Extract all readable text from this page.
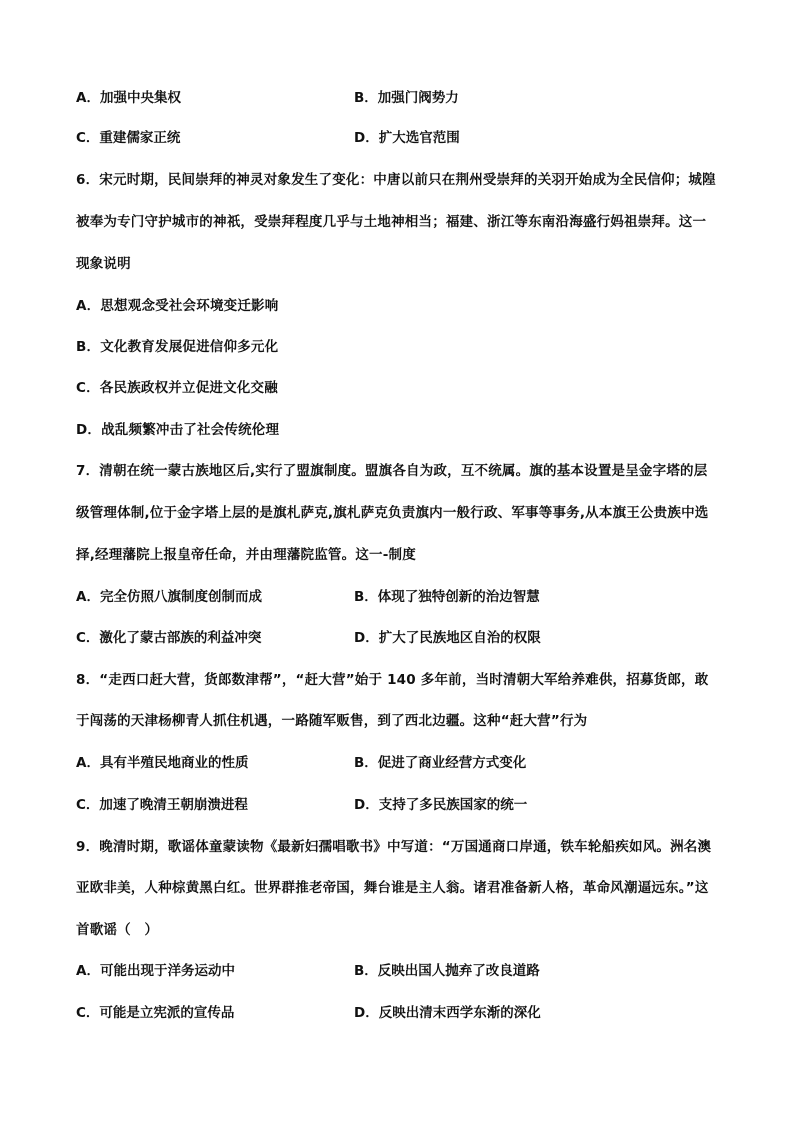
A．加强中央集权	B．加强门阀势力
C．重建儒家正统	D．扩大选官范围
6．宋元时期，民间崇拜的神灵对象发生了变化：中唐以前只在荆州受崇拜的关羽开始成为全民信仰；城隍
被奉为专门守护城市的神祇，受崇拜程度几乎与土地神相当；福建、浙江等东南沿海盛行妈祖崇拜。这一
现象说明
A．思想观念受社会环境变迁影响
B．文化教育发展促进信仰多元化
C．各民族政权并立促进文化交融
D．战乱频繁冲击了社会传统伦理
7．清朝在统一蒙古族地区后,实行了盟旗制度。盟旗各自为政，互不统属。旗的基本设置是呈金字塔的层
级管理体制,位于金字塔上层的是旗札萨克,旗札萨克负责旗内一般行政、军事等事务,从本旗王公贵族中选
择,经理藩院上报皇帝任命，并由理藩院监管。这一-制度
A．完全仿照八旗制度创制而成	B．体现了独特创新的治边智慧
C．激化了蒙古部族的利益冲突	D．扩大了民族地区自治的权限
8．“走西口赶大营，货郎数津帮”，“赶大营”始于 140 多年前，当时清朝大军给养难供，招募货郎，敢
于闯荡的天津杨柳青人抓住机遇，一路随军贩售，到了西北边疆。这种“赶大营”行为
A．具有半殖民地商业的性质	B．促进了商业经营方式变化
C．加速了晚清王朝崩溃进程	D．支持了多民族国家的统一
9．晚清时期，歌谣体童蒙读物《最新妇孺唱歌书》中写道：“万国通商口岸通，铁车轮船疾如风。洲名澳
亚欧非美，人种棕黄黑白红。世界群推老帝国，舞台谁是主人翁。诸君准备新人格，革命风潮逼远东。”这
首歌谣（　）
A．可能出现于洋务运动中	B．反映出国人抛弃了改良道路
C．可能是立宪派的宣传品	D．反映出清末西学东渐的深化
